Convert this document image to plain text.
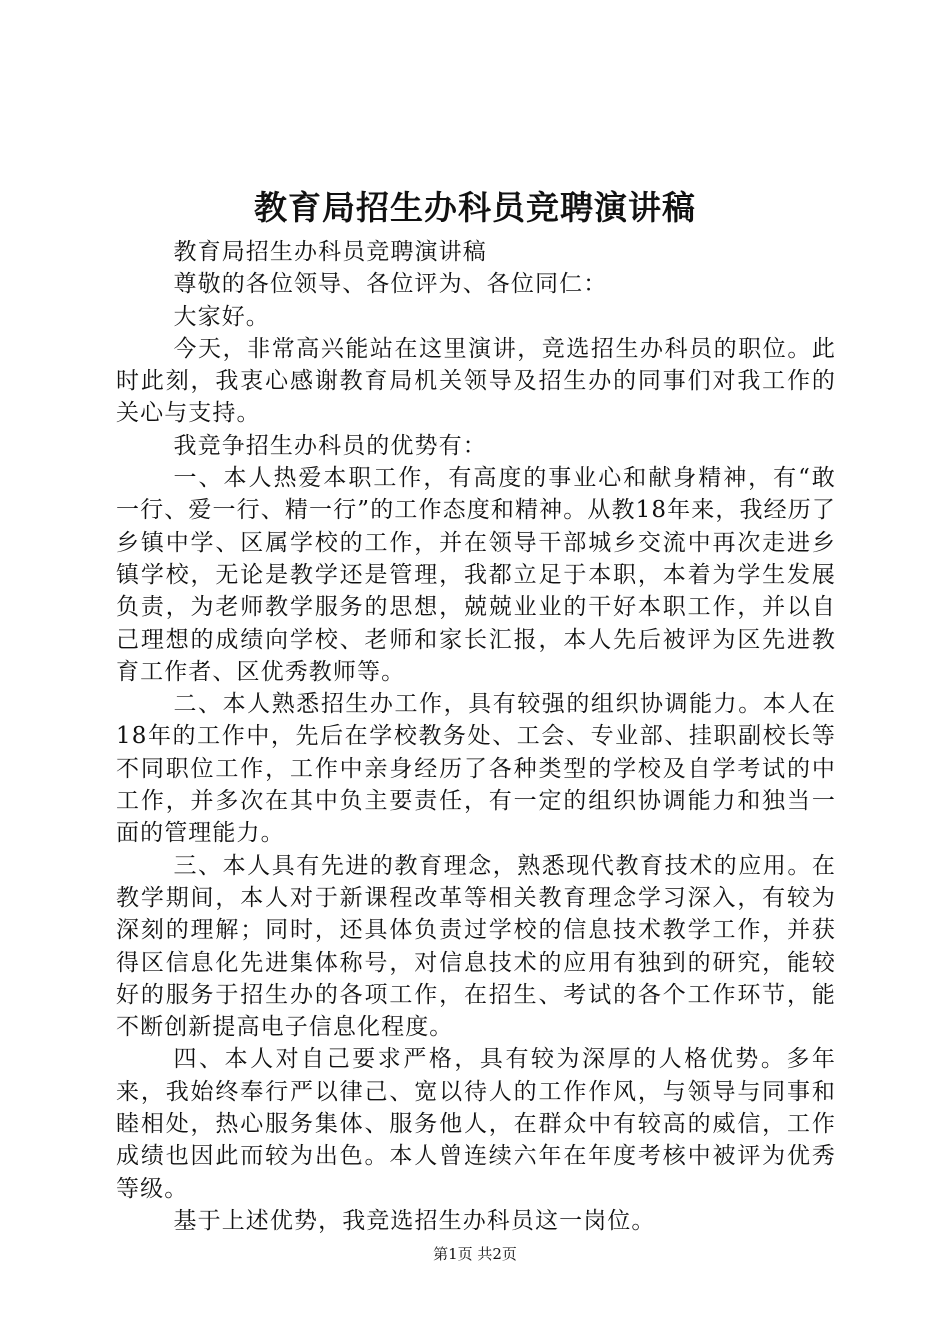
教育局招生办科员竞聘演讲稿

教育局招生办科员竞聘演讲稿

尊敬的各位领导、各位评为、各位同仁：

大家好。

今天，非常高兴能站在这里演讲，竞选招生办科员的职位。此时此刻，我衷心感谢教育局机关领导及招生办的同事们对我工作的关心与支持。

我竞争招生办科员的优势有：

一、本人热爱本职工作，有高度的事业心和献身精神，有“敢一行、爱一行、精一行”的工作态度和精神。从教18年来，我经历了乡镇中学、区属学校的工作，并在领导干部城乡交流中再次走进乡镇学校，无论是教学还是管理，我都立足于本职，本着为学生发展负责，为老师教学服务的思想，兢兢业业的干好本职工作，并以自己理想的成绩向学校、老师和家长汇报，本人先后被评为区先进教育工作者、区优秀教师等。

二、本人熟悉招生办工作，具有较强的组织协调能力。本人在18年的工作中，先后在学校教务处、工会、专业部、挂职副校长等不同职位工作，工作中亲身经历了各种类型的学校及自学考试的中工作，并多次在其中负主要责任，有一定的组织协调能力和独当一面的管理能力。

三、本人具有先进的教育理念，熟悉现代教育技术的应用。在教学期间，本人对于新课程改革等相关教育理念学习深入，有较为深刻的理解；同时，还具体负责过学校的信息技术教学工作，并获得区信息化先进集体称号，对信息技术的应用有独到的研究，能较好的服务于招生办的各项工作，在招生、考试的各个工作环节，能不断创新提高电子信息化程度。

四、本人对自己要求严格，具有较为深厚的人格优势。多年来，我始终奉行严以律己、宽以待人的工作作风，与领导与同事和睦相处，热心服务集体、服务他人，在群众中有较高的威信，工作成绩也因此而较为出色。本人曾连续六年在年度考核中被评为优秀等级。

基于上述优势，我竞选招生办科员这一岗位。

第1页 共2页
